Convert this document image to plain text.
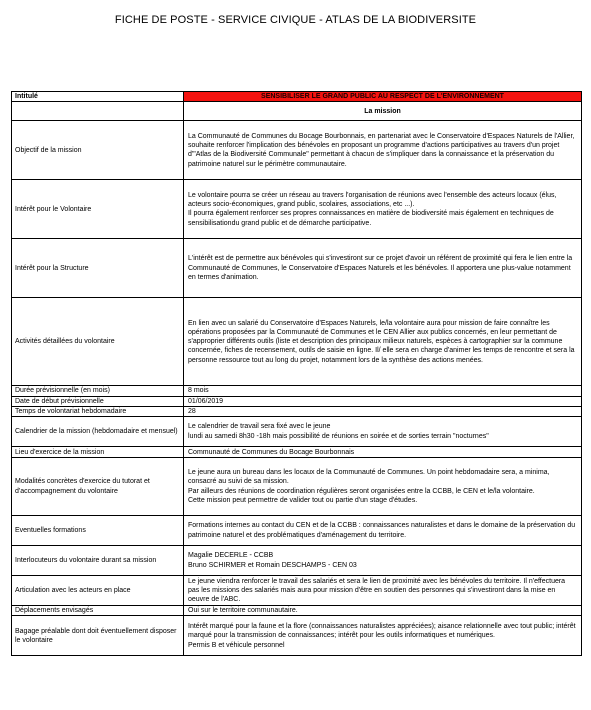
FICHE DE POSTE - SERVICE CIVIQUE - ATLAS DE LA BIODIVERSITE
Intitulé	SENSIBILISER LE GRAND PUBLIC AU RESPECT DE L'ENVIRONNEMENT
	La mission
Objectif de la mission	La Communauté de Communes du Bocage Bourbonnais, en partenariat avec le Conservatoire d'Espaces Naturels de l'Allier, souhaite renforcer l'implication des bénévoles en proposant un programme d'actions participatives au travers d'un projet d'"Atlas de la Biodiversité Communale" permettant à chacun de s'impliquer dans la connaissance et la préservation du patrimoine naturel sur le périmètre communautaire.
Intérêt pour le Volontaire	Le volontaire pourra se créer un réseau au travers l'organisation de réunions avec l'ensemble des acteurs locaux (élus, acteurs socio-économiques, grand public, scolaires, associations, etc ...).
Il pourra également renforcer ses propres connaissances en matière de biodiversité mais également en techniques de sensibilisationdu grand public et de démarche participative.
Intérêt pour la Structure	L'intérêt est de permettre aux bénévoles qui s'investiront sur ce projet d'avoir un référent de proximité qui fera le lien entre la Communauté de Communes, le Conservatoire d'Espaces Naturels et les bénévoles. Il apportera une plus-value notamment en termes d'animation.
Activités détaillées du volontaire	En lien avec un salarié du Conservatoire d'Espaces Naturels, le/la volontaire aura pour mission de faire connaître les opérations proposées par la Communauté de Communes et le CEN Allier aux publics concernés, en leur permettant de s'approprier différents outils (liste et description des principaux milieux naturels, espèces à cartographier sur la commune concernée, fiches de recensement, outils de saisie en ligne. Il/ elle sera en charge d'animer les temps de rencontre et sera la personne ressource tout au long du projet, notamment lors de la synthèse des actions menées.
Durée prévisionnelle (en mois)	8 mois
Date de début prévisionnelle	01/06/2019
Temps de volontariat hebdomadaire	28
Calendrier de la mission (hebdomadaire et mensuel)	Le calendrier de travail sera fixé avec le jeune
lundi au samedi 8h30 -18h mais possibilité de réunions en soirée et de sorties terrain "nocturnes"
Lieu d'exercice de la mission	Communauté de Communes du Bocage Bourbonnais
Modalités concrètes d'exercice du tutorat et d'accompagnement du volontaire	Le jeune aura un bureau dans les locaux de la Communauté de Communes. Un point hebdomadaire sera, a minima, consacré au suivi de sa mission.
Par ailleurs des réunions de coordination régulières seront organisées entre la CCBB, le CEN et le/la volontaire.
Cette mission peut permettre de valider tout ou partie d'un stage d'études.
Eventuelles formations	Formations internes au contact du CEN et de la CCBB : connaissances naturalistes et dans le domaine de la préservation du patrimoine naturel et des problématiques d'aménagement du territoire.
Interlocuteurs du volontaire durant sa mission	Magalie DECERLE - CCBB
Bruno SCHIRMER et Romain DESCHAMPS - CEN 03
Articulation avec les acteurs en place	Le jeune viendra renforcer le travail des salariés et sera le lien de proximité avec les bénévoles du territoire. Il n'effectuera pas les missions des salariés mais aura pour mission d'être en soutien des personnes qui s'investiront dans la mise en oeuvre de l'ABC.
Déplacements envisagés	Oui sur le territoire communautaire.
Bagage préalable dont doit éventuellement disposer le volontaire	Intérêt marqué pour la faune et la flore (connaissances naturalistes appréciées); aisance relationnelle avec tout public; intérêt marqué pour la transmission de connaissances; intérêt pour les outils informatiques et numériques.
Permis B et véhicule personnel
